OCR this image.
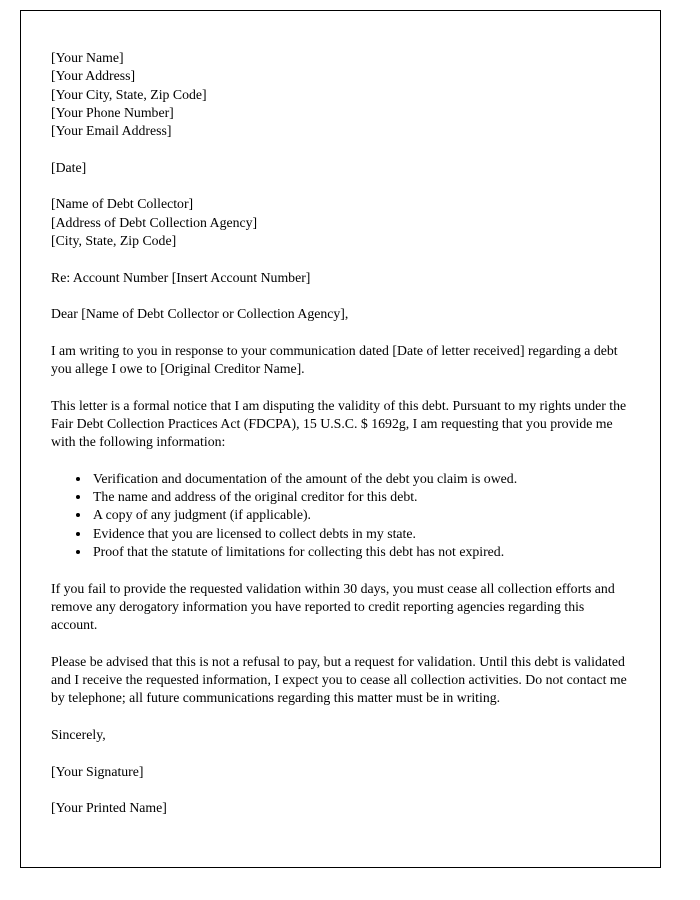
[Your Name]
[Your Address]
[Your City, State, Zip Code]
[Your Phone Number]
[Your Email Address]

[Date]

[Name of Debt Collector]
[Address of Debt Collection Agency]
[City, State, Zip Code]

Re: Account Number [Insert Account Number]

Dear [Name of Debt Collector or Collection Agency],

I am writing to you in response to your communication dated [Date of letter received] regarding a debt you allege I owe to [Original Creditor Name].

This letter is a formal notice that I am disputing the validity of this debt. Pursuant to my rights under the Fair Debt Collection Practices Act (FDCPA), 15 U.S.C. $ 1692g, I am requesting that you provide me with the following information:

• Verification and documentation of the amount of the debt you claim is owed.
• The name and address of the original creditor for this debt.
• A copy of any judgment (if applicable).
• Evidence that you are licensed to collect debts in my state.
• Proof that the statute of limitations for collecting this debt has not expired.

If you fail to provide the requested validation within 30 days, you must cease all collection efforts and remove any derogatory information you have reported to credit reporting agencies regarding this account.

Please be advised that this is not a refusal to pay, but a request for validation. Until this debt is validated and I receive the requested information, I expect you to cease all collection activities. Do not contact me by telephone; all future communications regarding this matter must be in writing.

Sincerely,

[Your Signature]

[Your Printed Name]
